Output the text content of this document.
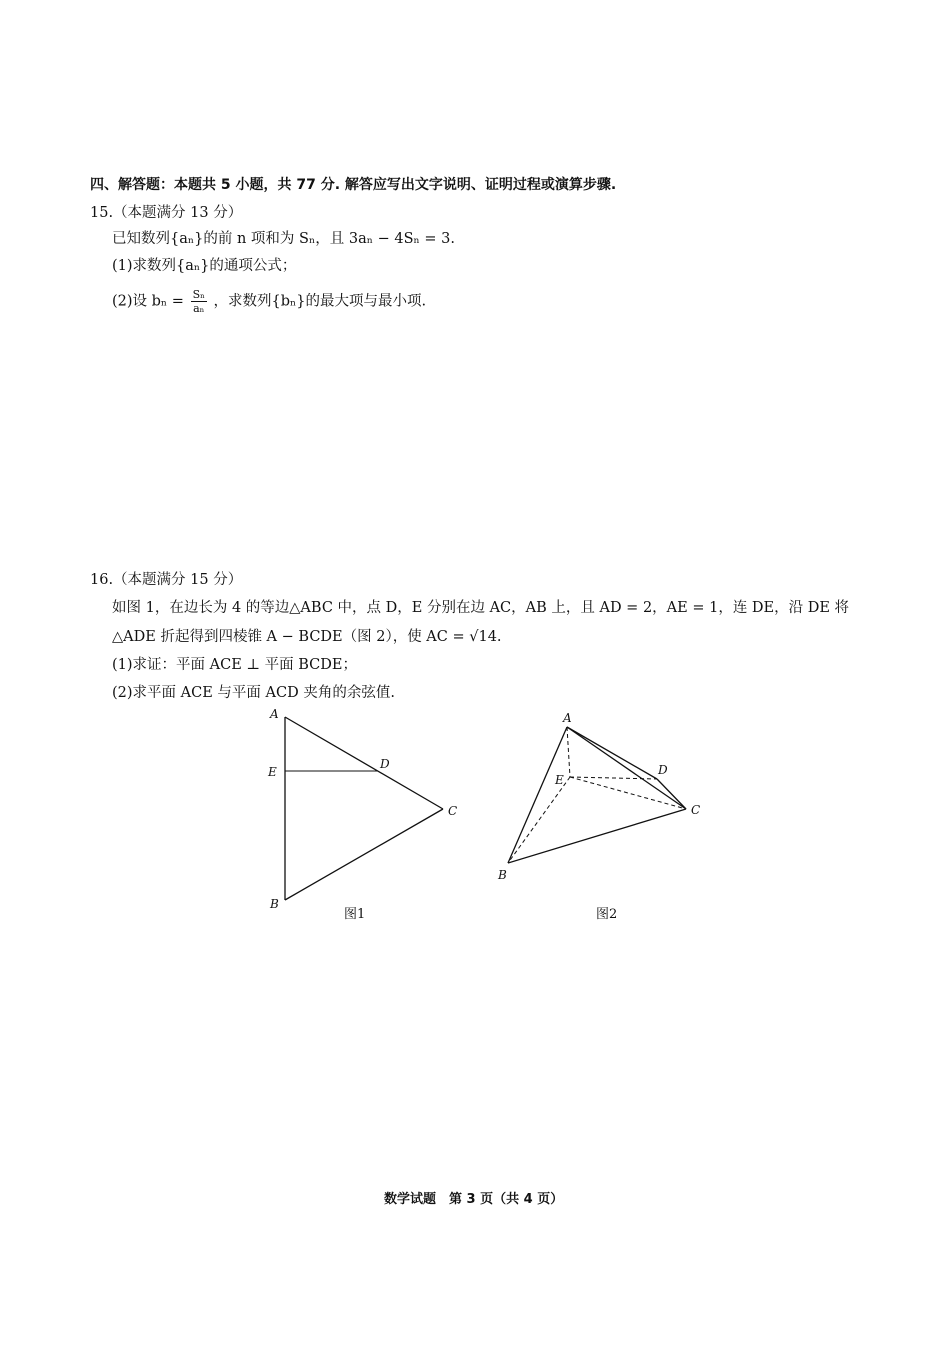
四、解答题：本题共 5 小题，共 77 分. 解答应写出文字说明、证明过程或演算步骤.
15.（本题满分 13 分）
已知数列{aₙ}的前 n 项和为 Sₙ，且 3aₙ − 4Sₙ = 3.
(1)求数列{aₙ}的通项公式；
(2)设 $b_n = \frac{\text{Sₙ}}{\text{aₙ}}$ ，求数列{bₙ}的最大项与最小项.
16.（本题满分 15 分）
如图 1，在边长为 4 的等边△ABC 中，点 D，E 分别在边 AC，AB 上，且 AD = 2，AE = 1，连 DE，沿 DE 将
△ADE 折起得到四棱锥 A − BCDE（图 2），使 AC = √14.
(1)求证：平面 ACE ⊥ 平面 BCDE；
(2)求平面 ACE 与平面 ACD 夹角的余弦值.
A
E
D
C
B
图1
A
E
D
C
B
图2
数学试题　第 3 页（共 4 页）
